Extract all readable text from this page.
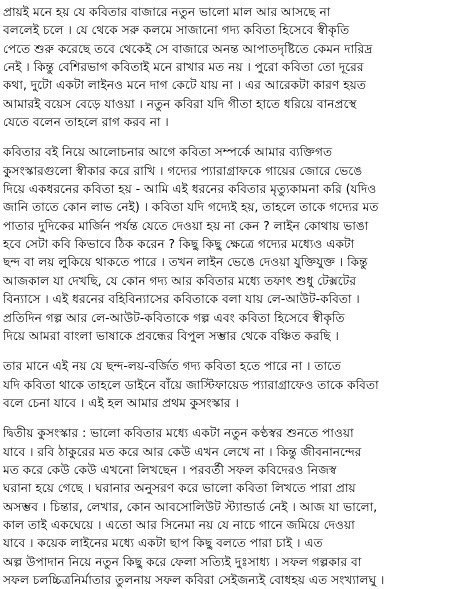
প্রায়ই মনে হয় যে কবিতার বাজারে নতুন ভালো মাল আর আসছে না
বললেই চলে । যে থেকে সরু কলমে সাজানো গদ্য কবিতা হিসেবে স্বীকৃতি
পেতে শুরু করেছে তবে থেকেই সে বাজারে অনন্ত আপাতদৃষ্টিতে কেমন দারিদ্র
নেই । কিন্তু বেশিরভাগ কবিতাই মনে রাখার মত নয় । পুরো কবিতা তো দূরের
কথা, দুটো একটা লাইনও মনে দাগ কেটে যায় না । এর আরেকটা কারণ হয়ত
আমারই বয়েস বেড়ে যাওয়া । নতুন কবিরা যদি গীতা হাতে ধরিয়ে বানপ্রস্থে
যেতে বলেন তাহলে রাগ করব না ।

কবিতার বই নিয়ে আলোচনার আগে কবিতা সম্পর্কে আমার ব্যক্তিগত
কুসংস্কারগুলো স্বীকার করে রাখি । গদ্যের প্যারাগ্রাফকে গায়ের জোরে ভেঙে
দিয়ে একধরনের কবিতা হয় - আমি এই ধরনের কবিতার মৃত্যুকামনা করি (যদিও
জানি তাতে কোন লাভ নেই) । কবিতা যদি গদ্যেই হয়, তাহলে তাকে গদ্যের মত
পাতার দুদিকের মার্জিন পর্যন্ত যেতে দেওয়া হয় না কেন ? লাইন কোথায় ভাঙা
হবে সেটা কবি কিভাবে ঠিক করেন ? কিছু কিছু ক্ষেত্রে গদ্যের মধ্যেও একটা
ছন্দ বা লয় লুকিয়ে থাকতে পারে । তখন লাইন ভেঙে দেওয়া যুক্তিযুক্ত । কিন্তু
আজকাল যা দেখছি, যে কোন গদ্য আর কবিতার মধ্যে তফাৎ শুধু টেক্সটের
বিন্যাসে । এই ধরনের বহিবিন্যাসের কবিতাকে বলা যায় লে-আউট-কবিতা ।
প্রতিদিন গল্প আর লে-আউট-কবিতাকে গল্প এবং কবিতা হিসেবে স্বীকৃতি
দিয়ে আমরা বাংলা ভাষাকে প্রবন্ধের বিপুল সম্ভার থেকে বঞ্চিত করছি ।

তার মানে এই নয় যে ছন্দ-লয়-বর্জিত গদ্য কবিতা হতে পারে না । তাতে
যদি কবিতা থাকে তাহলে ডাইনে বাঁয়ে জাস্টিফায়েড প্যারাগ্রাফেও তাকে কবিতা
বলে চেনা যাবে । এই হল আমার প্রথম কুসংস্কার ।

দ্বিতীয় কুসংস্কার : ভালো কবিতার মধ্যে একটা নতুন কণ্ঠস্বর শুনতে পাওয়া
যাবে । রবি ঠাকুরের মত করে আর কেউ এখন লেখে না । কিন্তু জীবনানন্দের
মত করে কেউ কেউ এখনো লিখছেন । পরবর্তী সফল কবিদেরও নিজস্ব
ঘরানা হয়ে গেছে । ঘরানার অনুসরণ করে ভালো কবিতা লিখতে পারা প্রায়
অসম্ভব । চিন্তার, লেখার, কোন আবসোলিউট স্ট্যান্ডার্ড নেই । আজ যা ভালো,
কাল তাই একঘেয়ে । এতো আর সিনেমা নয় যে নাচে গানে জমিয়ে দেওয়া
যাবে । কয়েক লাইনের মধ্যে একটা ছাপ কিছু বলতে পারা চাই । এত
অল্প উপাদান নিয়ে নতুন কিছু করে ফেলা সত্যিই দুঃসাধ্য । সফল গল্পকার বা
সফল চলচ্চিত্রনির্মাতার তুলনায় সফল কবিরা সেইজন্যই বোধহয় এত সংখ্যালঘু ।
